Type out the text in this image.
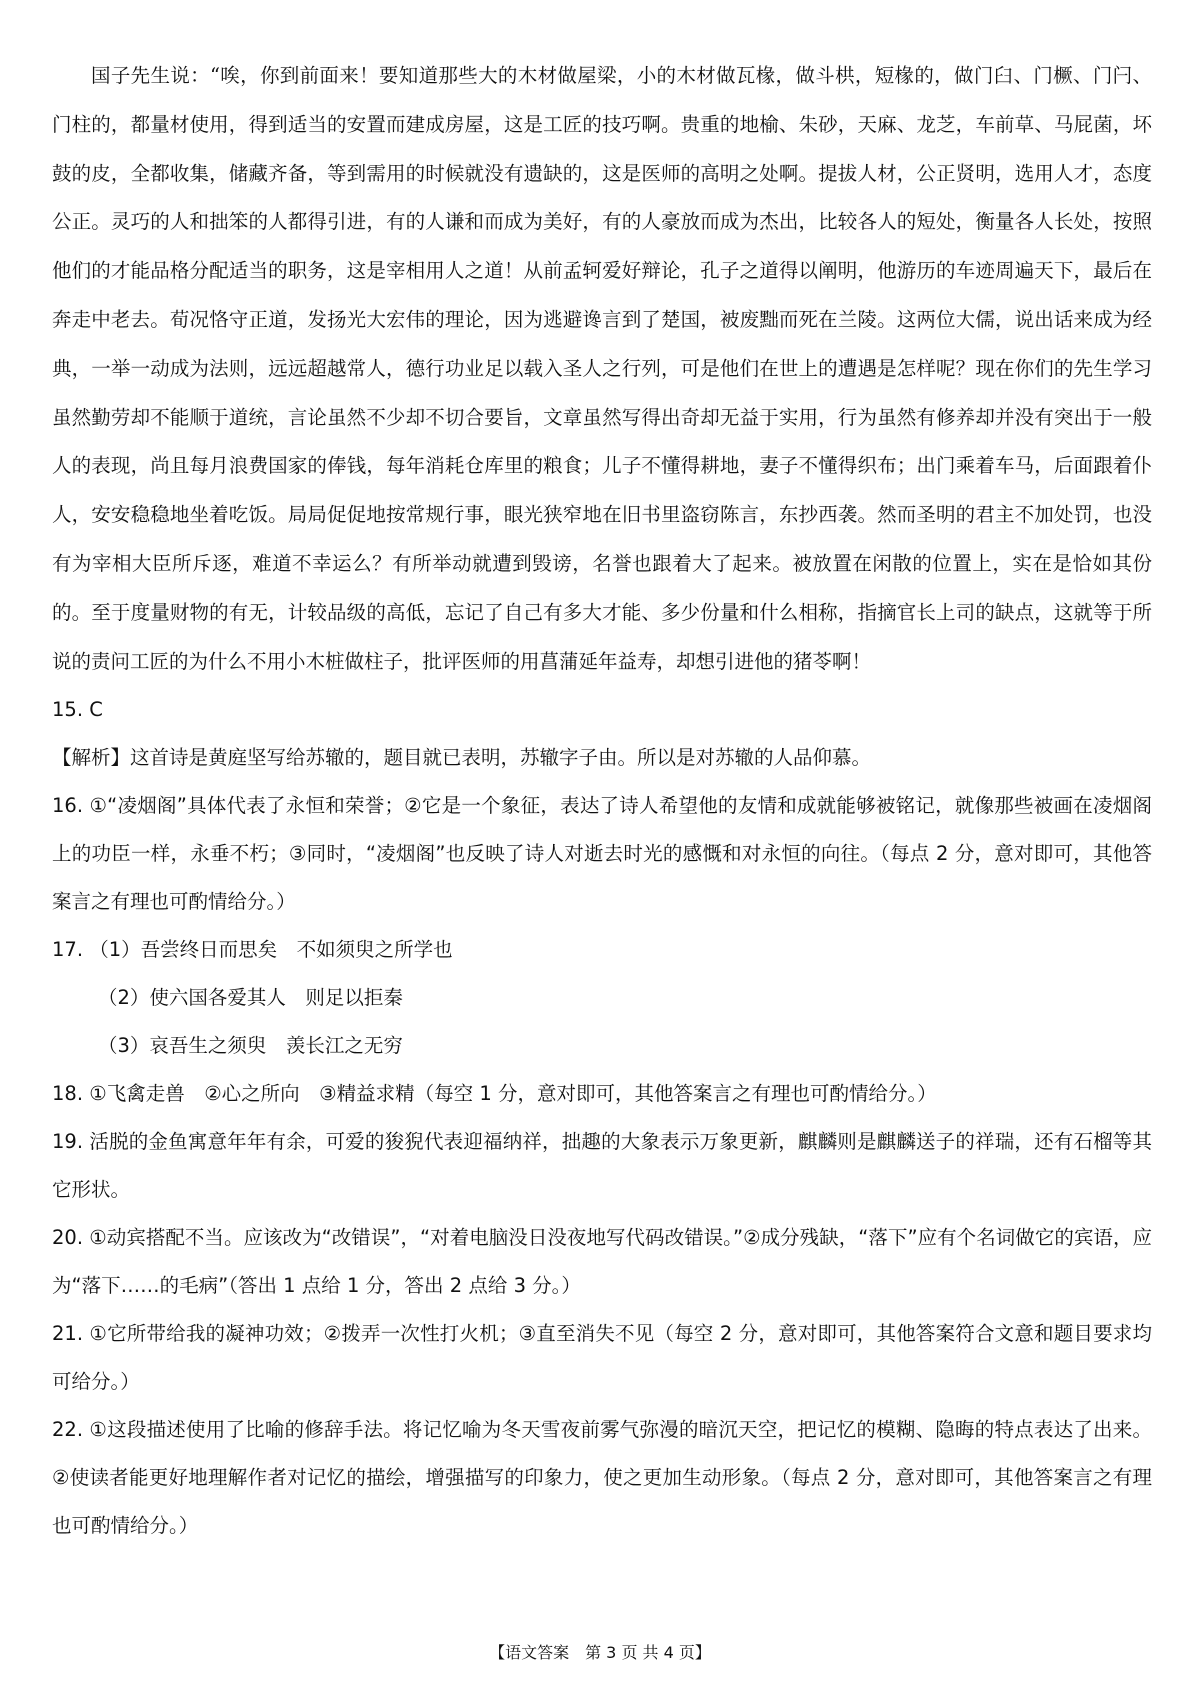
国子先生说：“唉，你到前面来！要知道那些大的木材做屋梁，小的木材做瓦椽，做斗栱，短椽的，做门臼、门橛、门闩、门柱的，都量材使用，得到适当的安置而建成房屋，这是工匠的技巧啊。贵重的地榆、朱砂，天麻、龙芝，车前草、马屁菌，坏鼓的皮，全都收集，储藏齐备，等到需用的时候就没有遗缺的，这是医师的高明之处啊。提拔人材，公正贤明，选用人才，态度公正。灵巧的人和拙笨的人都得引进，有的人谦和而成为美好，有的人豪放而成为杰出，比较各人的短处，衡量各人长处，按照他们的才能品格分配适当的职务，这是宰相用人之道！从前孟轲爱好辩论，孔子之道得以阐明，他游历的车迹周遍天下，最后在奔走中老去。荀况恪守正道，发扬光大宏伟的理论，因为逃避谗言到了楚国，被废黜而死在兰陵。这两位大儒，说出话来成为经典，一举一动成为法则，远远超越常人，德行功业足以载入圣人之行列，可是他们在世上的遭遇是怎样呢？现在你们的先生学习虽然勤劳却不能顺于道统，言论虽然不少却不切合要旨，文章虽然写得出奇却无益于实用，行为虽然有修养却并没有突出于一般人的表现，尚且每月浪费国家的俸钱，每年消耗仓库里的粮食；儿子不懂得耕地，妻子不懂得织布；出门乘着车马，后面跟着仆人，安安稳稳地坐着吃饭。局局促促地按常规行事，眼光狭窄地在旧书里盗窃陈言，东抄西袭。然而圣明的君主不加处罚，也没有为宰相大臣所斥逐，难道不幸运么？有所举动就遭到毁谤，名誉也跟着大了起来。被放置在闲散的位置上，实在是恰如其份的。至于度量财物的有无，计较品级的高低，忘记了自己有多大才能、多少份量和什么相称，指摘官长上司的缺点，这就等于所说的责问工匠的为什么不用小木桩做柱子，批评医师的用菖蒲延年益寿，却想引进他的猪苓啊！

15. C

【解析】这首诗是黄庭坚写给苏辙的，题目就已表明，苏辙字子由。所以是对苏辙的人品仰慕。

16. ①“凌烟阁”具体代表了永恒和荣誉；②它是一个象征，表达了诗人希望他的友情和成就能够被铭记，就像那些被画在凌烟阁上的功臣一样，永垂不朽；③同时，“凌烟阁”也反映了诗人对逝去时光的感慨和对永恒的向往。（每点 2 分，意对即可，其他答案言之有理也可酌情给分。）

17. （1）吾尝终日而思矣　不如须臾之所学也

（2）使六国各爱其人　则足以拒秦

（3）哀吾生之须臾　羡长江之无穷

18. ①飞禽走兽　②心之所向　③精益求精（每空 1 分，意对即可，其他答案言之有理也可酌情给分。）

19. 活脱的金鱼寓意年年有余，可爱的狻猊代表迎福纳祥，拙趣的大象表示万象更新，麒麟则是麒麟送子的祥瑞，还有石榴等其它形状。

20. ①动宾搭配不当。应该改为“改错误”，“对着电脑没日没夜地写代码改错误。”②成分残缺，“落下”应有个名词做它的宾语，应为“落下……的毛病”（答出 1 点给 1 分，答出 2 点给 3 分。）

21. ①它所带给我的凝神功效；②拨弄一次性打火机；③直至消失不见（每空 2 分，意对即可，其他答案符合文意和题目要求均可给分。）

22. ①这段描述使用了比喻的修辞手法。将记忆喻为冬天雪夜前雾气弥漫的暗沉天空，把记忆的模糊、隐晦的特点表达了出来。②使读者能更好地理解作者对记忆的描绘，增强描写的印象力，使之更加生动形象。（每点 2 分，意对即可，其他答案言之有理也可酌情给分。）

【语文答案　第 3 页 共 4 页】
